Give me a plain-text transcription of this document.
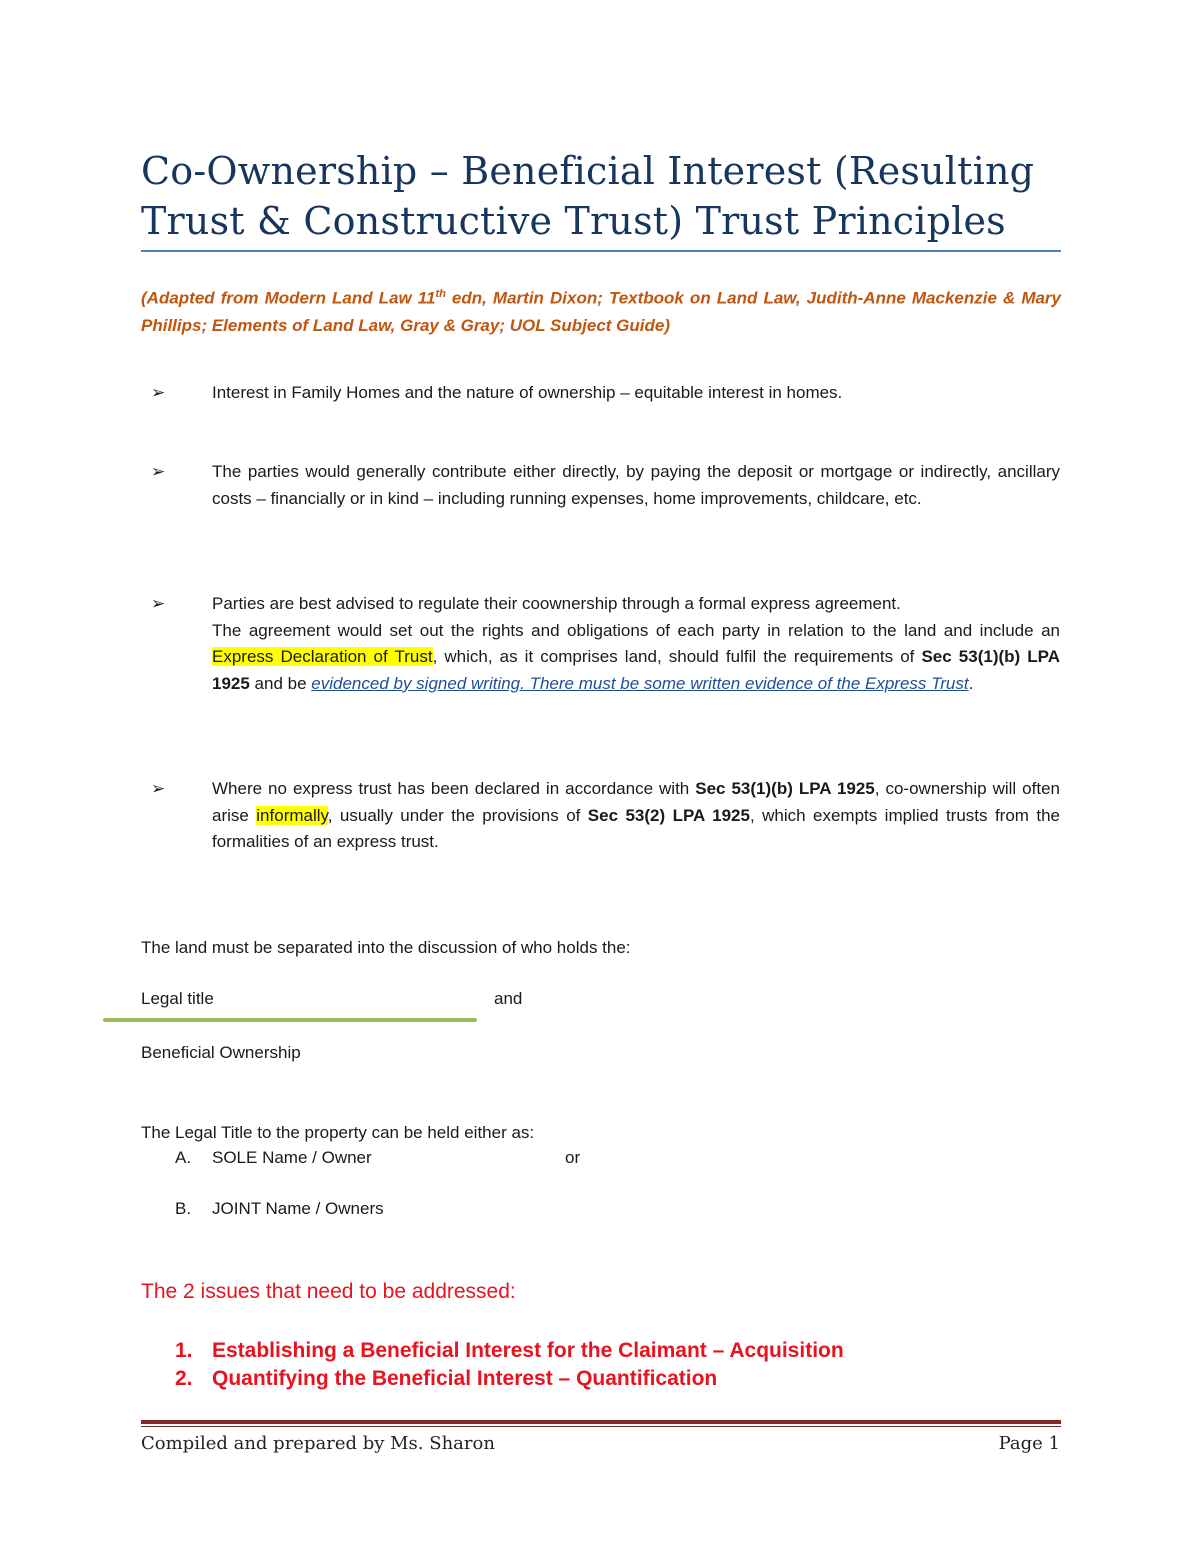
Co-Ownership – Beneficial Interest (Resulting Trust & Constructive Trust) Trust Principles
(Adapted from Modern Land Law 11th edn, Martin Dixon; Textbook on Land Law, Judith-Anne Mackenzie & Mary Phillips; Elements of Land Law, Gray & Gray; UOL Subject Guide)
➢	Interest in Family Homes and the nature of ownership – equitable interest in homes.
➢	The parties would generally contribute either directly, by paying the deposit or mortgage or indirectly, ancillary costs – financially or in kind – including running expenses, home improvements, childcare, etc.
➢	Parties are best advised to regulate their coownership through a formal express agreement.
The agreement would set out the rights and obligations of each party in relation to the land and include an Express Declaration of Trust, which, as it comprises land, should fulfil the requirements of Sec 53(1)(b) LPA 1925 and be evidenced by signed writing. There must be some written evidence of the Express Trust.
➢	Where no express trust has been declared in accordance with Sec 53(1)(b) LPA 1925, co-ownership will often arise informally, usually under the provisions of Sec 53(2) LPA 1925, which exempts implied trusts from the formalities of an express trust.
The land must be separated into the discussion of who holds the:
Legal title	and
Beneficial Ownership
The Legal Title to the property can be held either as:
A. SOLE Name / Owner	or
B. JOINT Name / Owners
The 2 issues that need to be addressed:
1. Establishing a Beneficial Interest for the Claimant – Acquisition
2. Quantifying the Beneficial Interest – Quantification
Compiled and prepared by Ms. Sharon	Page 1
